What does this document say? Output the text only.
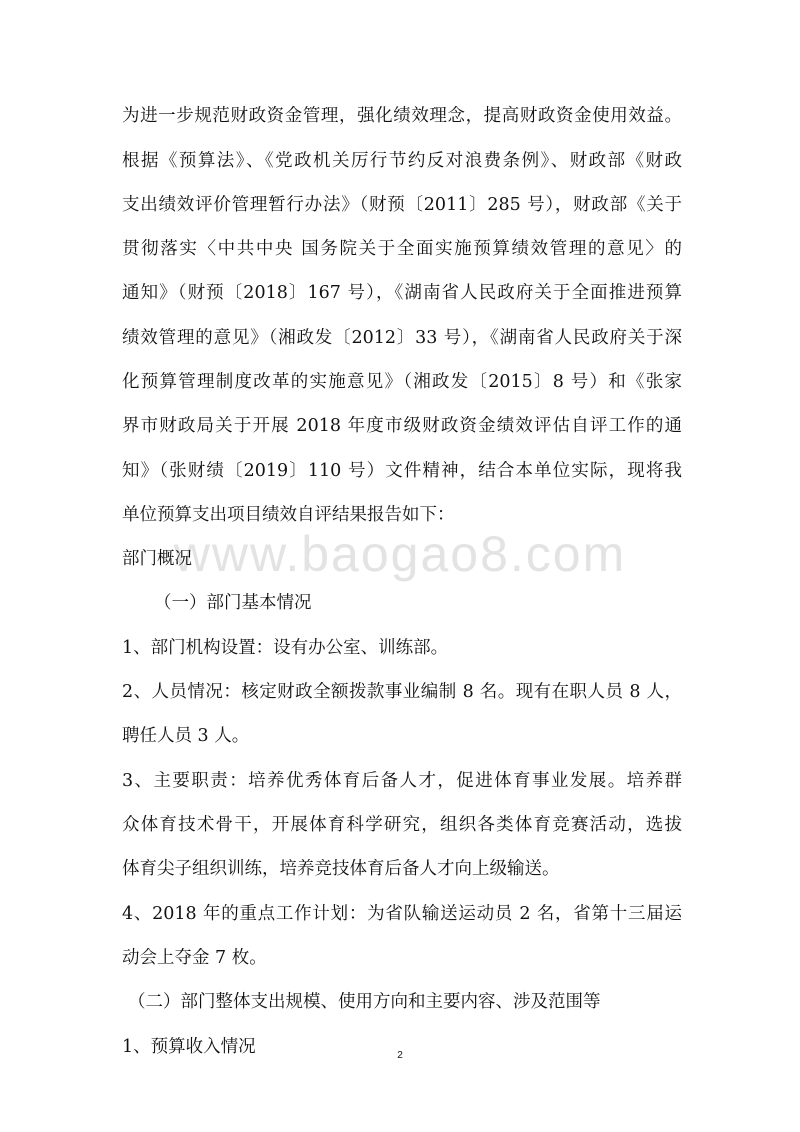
www.baogao8.com
为进一步规范财政资金管理，强化绩效理念，提高财政资金使用效益。
根据《预算法》、《党政机关厉行节约反对浪费条例》、财政部《财政
支出绩效评价管理暂行办法》（财预〔2011〕285 号），财政部《关于
贯彻落实〈中共中央 国务院关于全面实施预算绩效管理的意见〉的
通知》（财预〔2018〕167 号），《湖南省人民政府关于全面推进预算
绩效管理的意见》（湘政发〔2012〕33 号），《湖南省人民政府关于深
化预算管理制度改革的实施意见》（湘政发〔2015〕8 号）和《张家
界市财政局关于开展 2018 年度市级财政资金绩效评估自评工作的通
知》（张财绩〔2019〕110 号）文件精神，结合本单位实际，现将我
单位预算支出项目绩效自评结果报告如下：
部门概况
（一）部门基本情况
1、部门机构设置：设有办公室、训练部。
2、人员情况：核定财政全额拨款事业编制 8 名。现有在职人员 8 人，
聘任人员 3 人。
3、主要职责：培养优秀体育后备人才，促进体育事业发展。培养群
众体育技术骨干，开展体育科学研究，组织各类体育竞赛活动，选拔
体育尖子组织训练，培养竞技体育后备人才向上级输送。
4、2018 年的重点工作计划：为省队输送运动员 2 名，省第十三届运
动会上夺金 7 枚。
（二）部门整体支出规模、使用方向和主要内容、涉及范围等
1、预算收入情况	2
